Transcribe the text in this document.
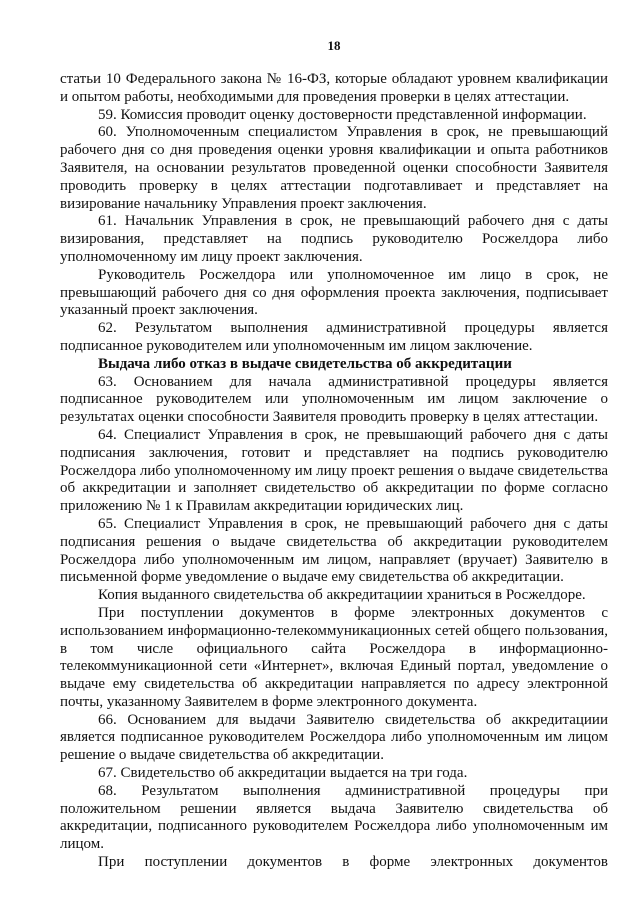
18

статьи 10 Федерального закона № 16-ФЗ, которые обладают уровнем квалификации и опытом работы, необходимыми для проведения проверки в целях аттестации.

59. Комиссия проводит оценку достоверности представленной информации.

60. Уполномоченным специалистом Управления в срок, не превышающий рабочего дня со дня проведения оценки уровня квалификации и опыта работников Заявителя, на основании результатов проведенной оценки способности Заявителя проводить проверку в целях аттестации подготавливает и представляет на визирование начальнику Управления проект заключения.

61. Начальник Управления в срок, не превышающий рабочего дня с даты визирования, представляет на подпись руководителю Росжелдора либо уполномоченному им лицу проект заключения.

Руководитель Росжелдора или уполномоченное им лицо в срок, не превышающий рабочего дня со дня оформления проекта заключения, подписывает указанный проект заключения.

62. Результатом выполнения административной процедуры является подписанное руководителем или уполномоченным им лицом заключение.

Выдача либо отказ в выдаче свидетельства об аккредитации

63. Основанием для начала административной процедуры является подписанное руководителем или уполномоченным им лицом заключение о результатах оценки способности Заявителя проводить проверку в целях аттестации.

64. Специалист Управления в срок, не превышающий рабочего дня с даты подписания заключения, готовит и представляет на подпись руководителю Росжелдора либо уполномоченному им лицу проект решения о выдаче свидетельства об аккредитации и заполняет свидетельство об аккредитации по форме согласно приложению № 1 к Правилам аккредитации юридических лиц.

65. Специалист Управления в срок, не превышающий рабочего дня с даты подписания решения о выдаче свидетельства об аккредитации руководителем Росжелдора либо уполномоченным им лицом, направляет (вручает) Заявителю в письменной форме уведомление о выдаче ему свидетельства об аккредитации.

Копия выданного свидетельства об аккредитациии храниться в Росжелдоре.

При поступлении документов в форме электронных документов с использованием информационно-телекоммуникационных сетей общего пользования, в том числе официального сайта Росжелдора в информационно-телекоммуникационной сети «Интернет», включая Единый портал, уведомление о выдаче ему свидетельства об аккредитации направляется по адресу электронной почты, указанному Заявителем в форме электронного документа.

66. Основанием для выдачи Заявителю свидетельства об аккредитациии является подписанное руководителем Росжелдора либо уполномоченным им лицом решение о выдаче свидетельства об аккредитации.

67. Свидетельство об аккредитации выдается на три года.

68. Результатом выполнения административной процедуры при положительном решении является выдача Заявителю свидетельства об аккредитации, подписанного руководителем Росжелдора либо уполномоченным им лицом.

При поступлении документов в форме электронных документов
